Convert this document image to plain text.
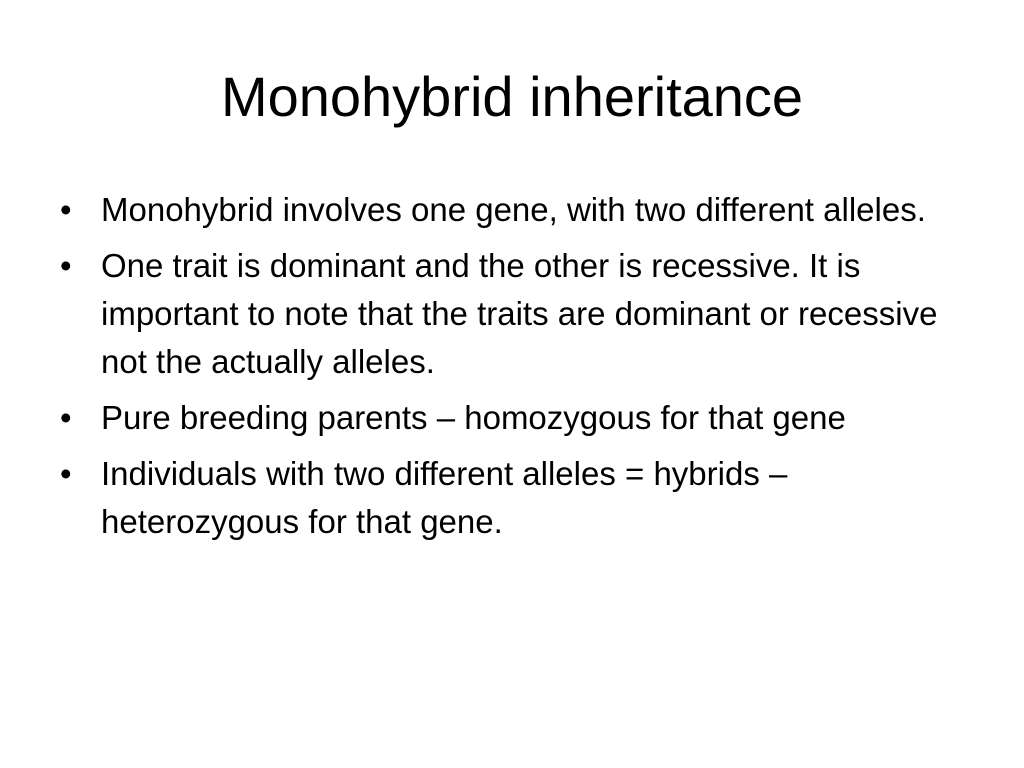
Monohybrid inheritance
• Monohybrid involves one gene, with two different alleles.
• One trait is dominant and the other is recessive. It is important to note that the traits are dominant or recessive not the actually alleles.
• Pure breeding parents – homozygous for that gene
• Individuals with two different alleles = hybrids – heterozygous for that gene.
